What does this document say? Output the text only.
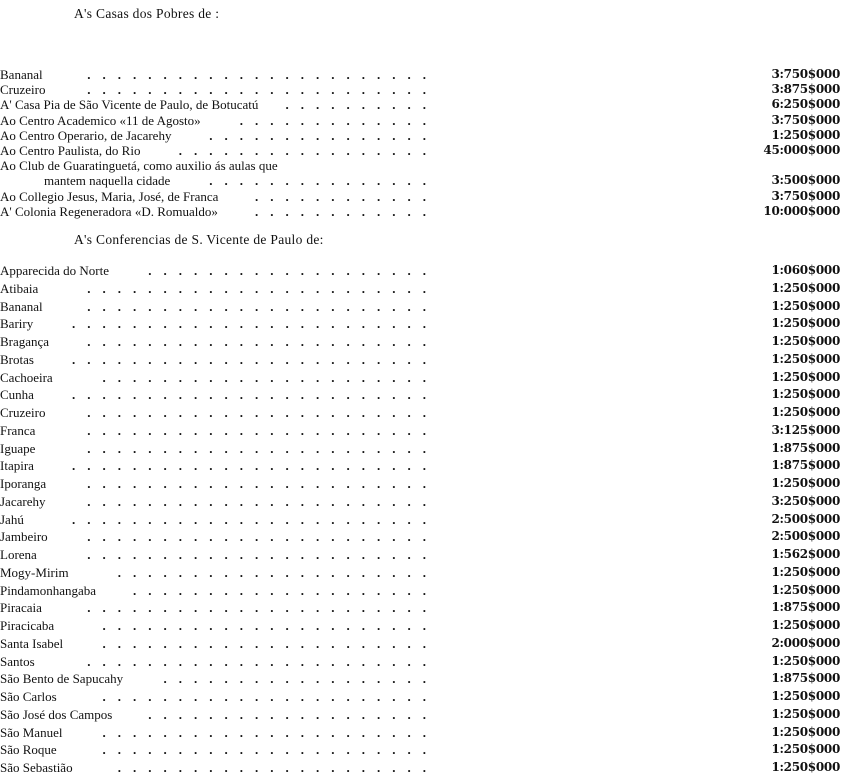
A's Casas dos Pobres de :
Bananal	.......................	3:750$000
Cruzeiro	.......................	3:875$000
A' Casa Pia de São Vicente de Paulo, de Botucatú ..........	6:250$000
Ao Centro Academico «11 de Agosto»	.............	3:750$000
Ao Centro Operario, de Jacarehy	...............	1:250$000
Ao Centro Paulista, do Rio	.................	45:000$000
Ao Club de Guaratinguetá, como auxilio ás aulas que
mantem naquella cidade	...............	3:500$000
Ao Collegio Jesus, Maria, José, de Franca	............	3:750$000
A' Colonia Regeneradora «D. Romualdo»	............	10:000$000
A's Conferencias de S. Vicente de Paulo de:
Apparecida do Norte	...................	1:060$000
Atibaia	.......................	1:250$000
Bananal	.......................	1:250$000
Bariry	........................	1:250$000
Bragança	.......................	1:250$000
Brotas	........................	1:250$000
Cachoeira	......................	1:250$000
Cunha	........................	1:250$000
Cruzeiro	.......................	1:250$000
Franca	.......................	3:125$000
Iguape	.......................	1:875$000
Itapira	........................	1:875$000
Iporanga	.......................	1:250$000
Jacarehy	.......................	3:250$000
Jahú	........................	2:500$000
Jambeiro	.......................	2:500$000
Lorena	.......................	1:562$000
Mogy-Mirim	.....................	1:250$000
Pindamonhangaba	....................	1:250$000
Piracaia	.......................	1:875$000
Piracicaba	......................	1:250$000
Santa Isabel	......................	2:000$000
Santos	.......................	1:250$000
São Bento de Sapucahy	..................	1:875$000
São Carlos	......................	1:250$000
São José dos Campos	...................	1:250$000
São Manuel	......................	1:250$000
São Roque	......................	1:250$000
São Sebastião	.....................	1:250$000
